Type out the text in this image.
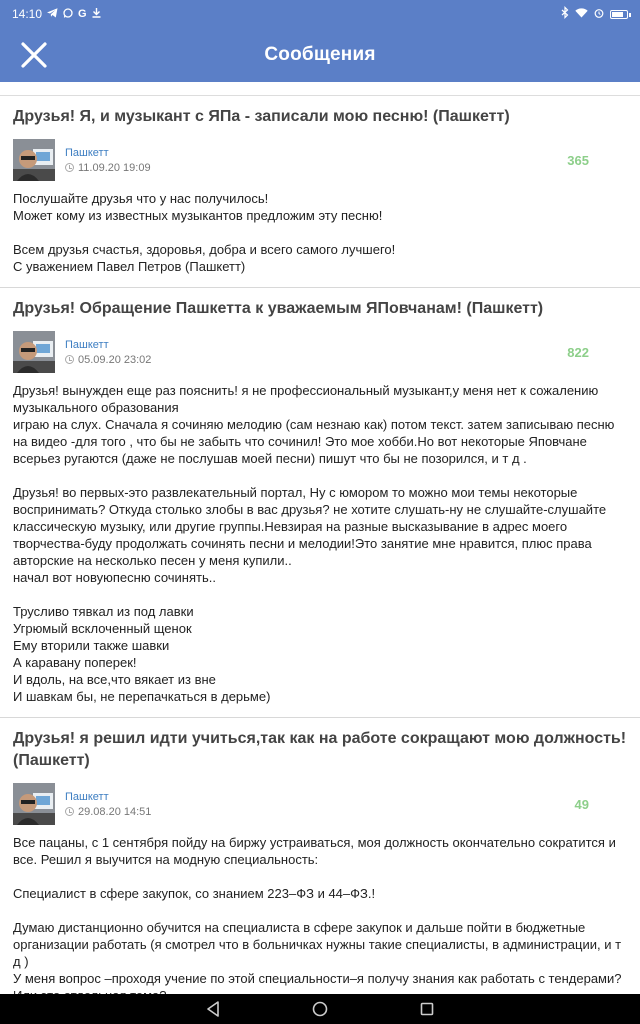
14:10	G
Сообщения
Друзья! Я, и музыкант с ЯПа - записали мою песню! (Пашкетт)
Пашкетт
11.09.20 19:09	365

Послушайте друзья что у нас получилось!

Может кому из известных музыкантов предложим эту песню!

Всем друзья счастья, здоровья, добра и всего самого лучшего!

С уважением Павел Петров (Пашкетт)

Друзья! Обращение Пашкетта к уважаемым ЯПовчанам! (Пашкетт)
Пашкетт
05.09.20 23:02	822

Друзья! вынужден еще раз пояснить! я не профессиональный музыкант,у меня нет к сожалению музыкального образования

играю на слух. Сначала я сочиняю мелодию (сам незнаю как) потом текст. затем записываю песню на видео -для того , что бы не забыть что сочинил! Это мое хобби.Но вот некоторые Яповчане всерьез ругаются (даже не послушав моей песни) пишут что бы не позорился, и т д .

Друзья! во первых-это развлекательный портал, Ну с юмором то можно мои темы некоторые воспринимать? Откуда столько злобы в вас друзья? не хотите слушать-ну не слушайте-слушайте классическую музыку, или другие группы.Невзирая на разные высказывание в адрес моего творчества-буду продолжать сочинять песни и мелодии!Это занятие мне нравится, плюс права авторские на несколько песен у меня купили..

начал вот новуюпесню сочинять..

Трусливо тявкал из под лавки

Угрюмый всклоченный щенок

Ему вторили также шавки

А каравану поперек!

И вдоль, на все,что вякает из вне

И шавкам бы, не перепачкаться в дерьме)

Друзья! я решил идти учиться,так как на работе сокращают мою должность! (Пашкетт)
Пашкетт
29.08.20 14:51	49

Все пацаны, с 1 сентября пойду на биржу устраиваться, моя должность окончательно сократится и все. Решил я выучится на модную специальность:

Специалист в сфере закупок, со знанием 223–ФЗ и 44–ФЗ.!

Думаю дистанционно обучится на специалиста в сфере закупок и дальше пойти в бюджетные организации работать (я смотрел что в больничках нужны такие специалисты, в администрации, и т д )

У меня вопрос –проходя учение по этой специальности–я получу знания как работать с тендерами?
